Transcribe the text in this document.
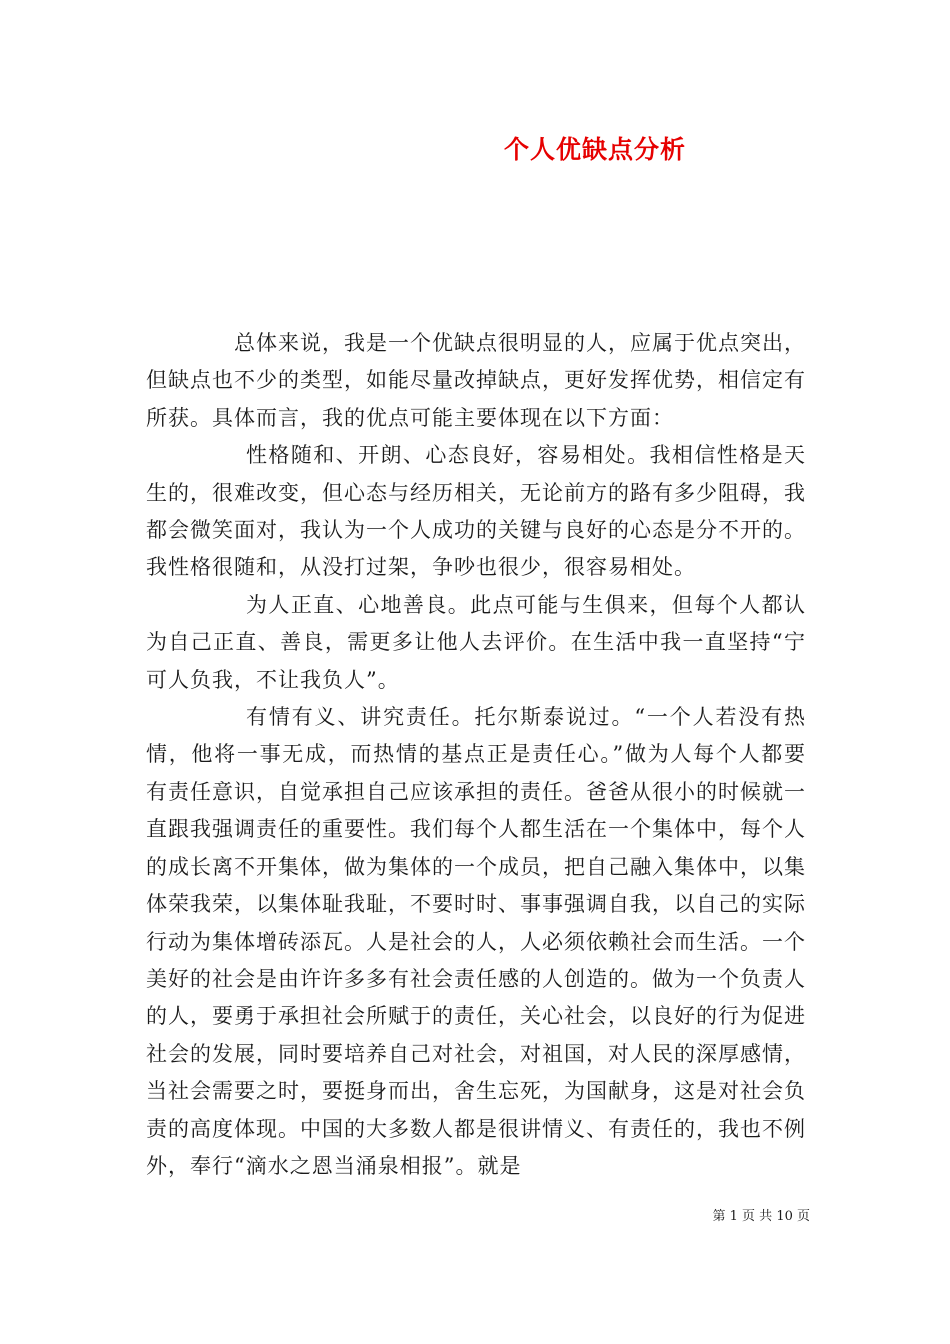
个人优缺点分析

总体来说，我是一个优缺点很明显的人，应属于优点突出，但缺点也不少的类型，如能尽量改掉缺点，更好发挥优势，相信定有所获。具体而言，我的优点可能主要体现在以下方面：

性格随和、开朗、心态良好，容易相处。我相信性格是天生的，很难改变，但心态与经历相关，无论前方的路有多少阻碍，我都会微笑面对，我认为一个人成功的关键与良好的心态是分不开的。我性格很随和，从没打过架，争吵也很少，很容易相处。

为人正直、心地善良。此点可能与生俱来，但每个人都认为自己正直、善良，需更多让他人去评价。在生活中我一直坚持“宁可人负我，不让我负人”。

有情有义、讲究责任。托尔斯泰说过。“一个人若没有热情，他将一事无成，而热情的基点正是责任心。”做为人每个人都要有责任意识，自觉承担自己应该承担的责任。爸爸从很小的时候就一直跟我强调责任的重要性。我们每个人都生活在一个集体中，每个人的成长离不开集体，做为集体的一个成员，把自己融入集体中，以集体荣我荣，以集体耻我耻，不要时时、事事强调自我，以自己的实际行动为集体增砖添瓦。人是社会的人，人必须依赖社会而生活。一个美好的社会是由许许多多有社会责任感的人创造的。做为一个负责人的人，要勇于承担社会所赋于的责任，关心社会，以良好的行为促进社会的发展，同时要培养自己对社会，对祖国，对人民的深厚感情，当社会需要之时，要挺身而出，舍生忘死，为国献身，这是对社会负责的高度体现。中国的大多数人都是很讲情义、有责任的，我也不例外，奉行“滴水之恩当涌泉相报”。就是

第 1 页 共 10 页
